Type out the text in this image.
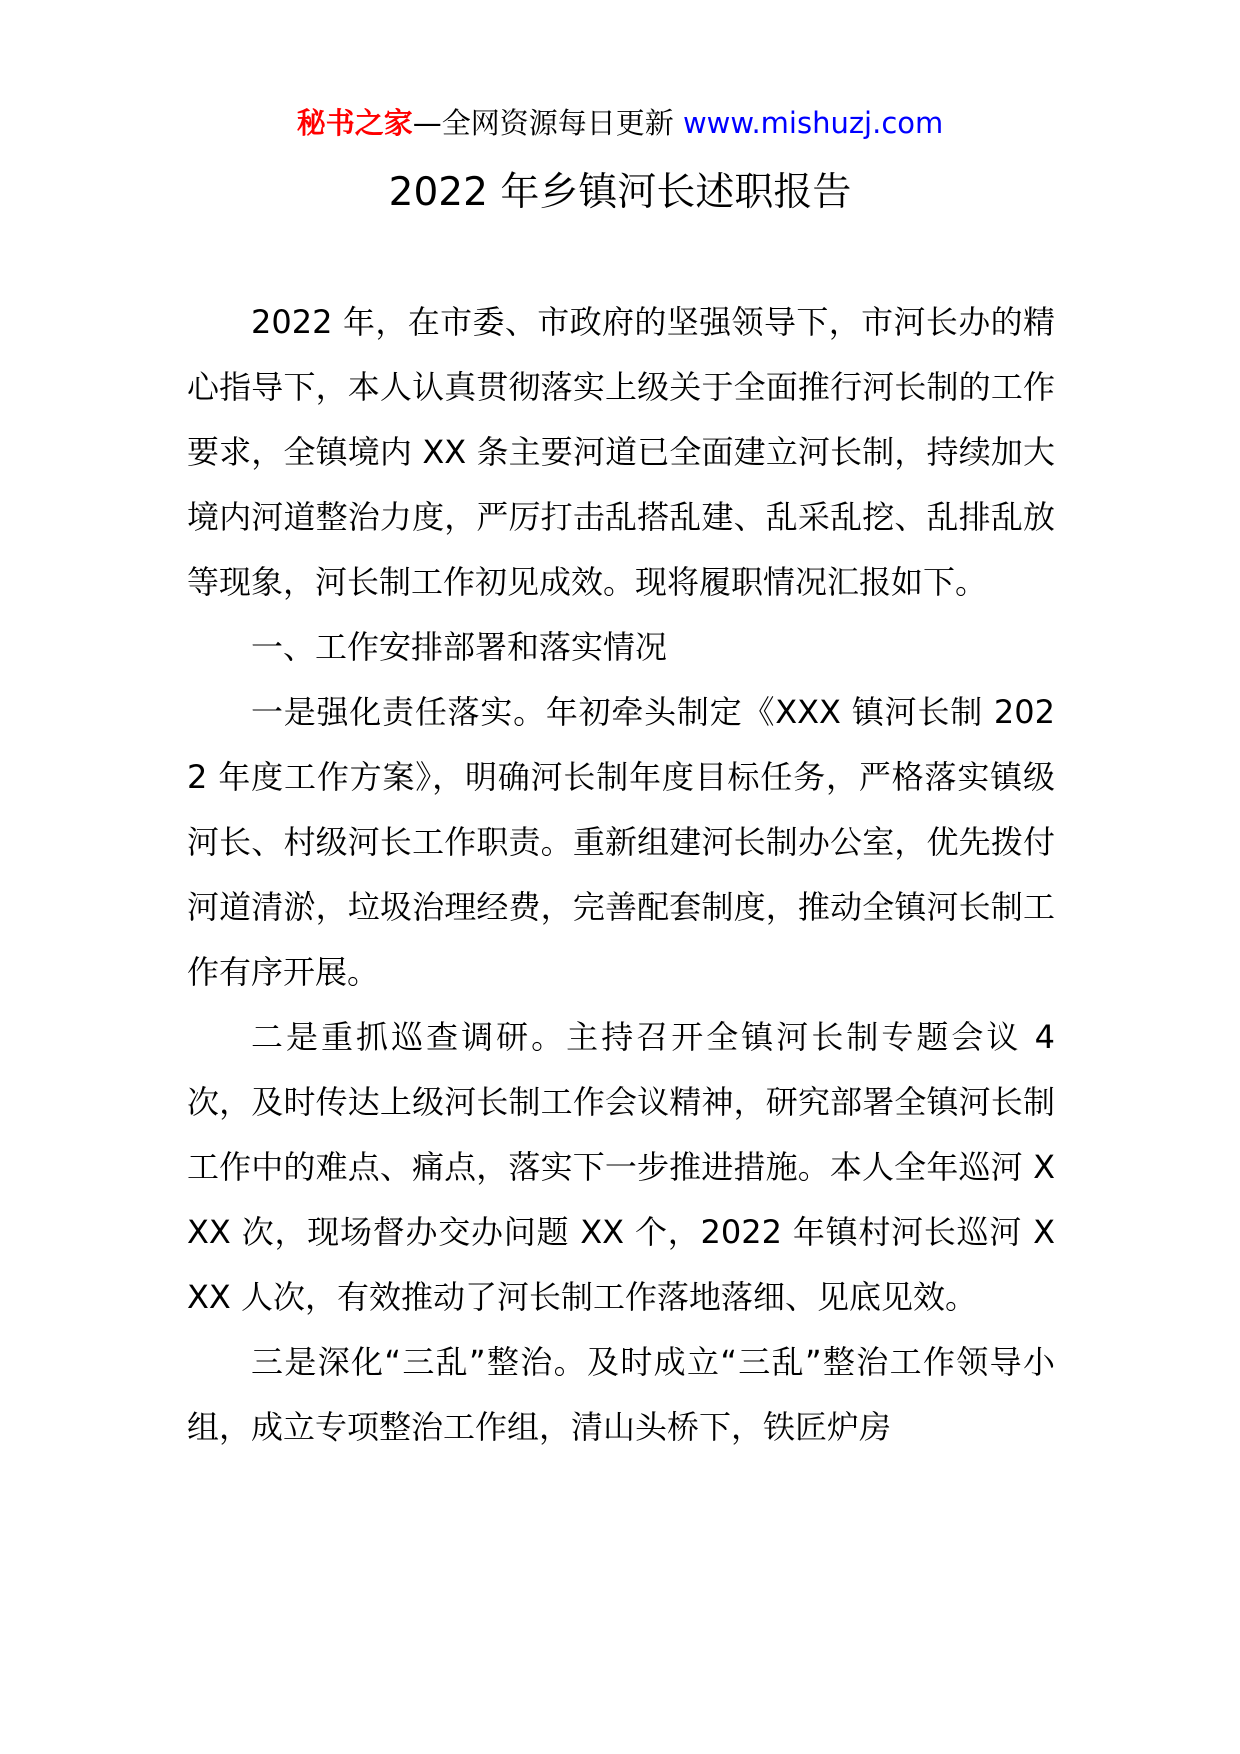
秘书之家—全网资源每日更新 www.mishuzj.com
2022 年乡镇河长述职报告

2022 年，在市委、市政府的坚强领导下，市河长办的精心指导下，本人认真贯彻落实上级关于全面推行河长制的工作要求，全镇境内 XX 条主要河道已全面建立河长制，持续加大境内河道整治力度，严厉打击乱搭乱建、乱采乱挖、乱排乱放等现象，河长制工作初见成效。现将履职情况汇报如下。

一、工作安排部署和落实情况

一是强化责任落实。年初牵头制定《XXX 镇河长制 2022 年度工作方案》，明确河长制年度目标任务，严格落实镇级河长、村级河长工作职责。重新组建河长制办公室，优先拨付河道清淤，垃圾治理经费，完善配套制度，推动全镇河长制工作有序开展。

二是重抓巡查调研。主持召开全镇河长制专题会议 4 次，及时传达上级河长制工作会议精神，研究部署全镇河长制工作中的难点、痛点，落实下一步推进措施。本人全年巡河 XXX 次，现场督办交办问题 XX 个，2022 年镇村河长巡河 XXX 人次，有效推动了河长制工作落地落细、见底见效。

三是深化“三乱”整治。及时成立“三乱”整治工作领导小组，成立专项整治工作组，清山头桥下，铁匠炉房
